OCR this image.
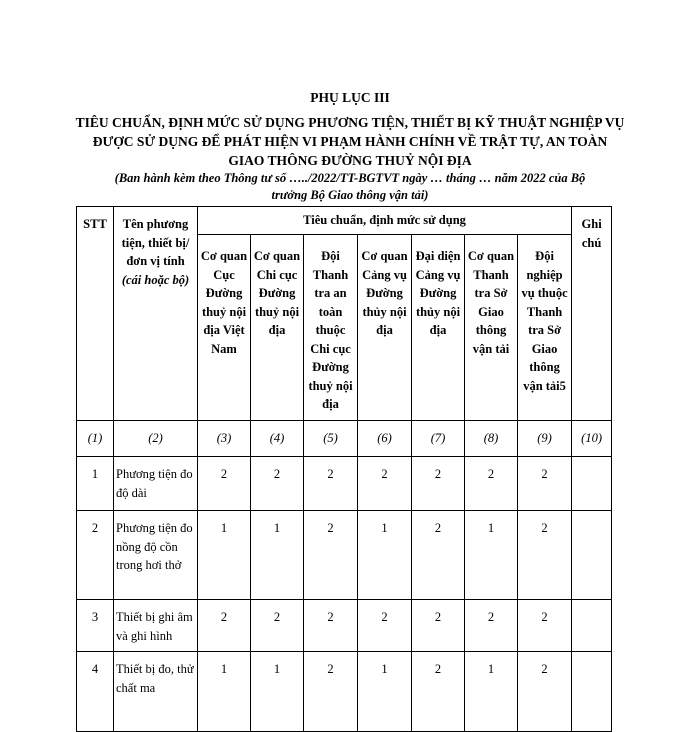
PHỤ LỤC III
TIÊU CHUẨN, ĐỊNH MỨC SỬ DỤNG PHƯƠNG TIỆN, THIẾT BỊ KỸ THUẬT NGHIỆP VỤ
ĐƯỢC SỬ DỤNG ĐỂ PHÁT HIỆN VI PHẠM HÀNH CHÍNH VỀ TRẬT TỰ, AN TOÀN
GIAO THÔNG ĐƯỜNG THUỶ NỘI ĐỊA
(Ban hành kèm theo Thông tư số …../2022/TT-BGTVT ngày … tháng … năm 2022 của Bộ
trưởng Bộ Giao thông vận tải)
STT	Tên phương tiện, thiết bị/ đơn vị tính (cái hoặc bộ)	Tiêu chuẩn, định mức sử dụng							Ghi chú
		Cơ quan Cục Đường thuỷ nội địa Việt Nam	Cơ quan Chi cục Đường thuỷ nội địa	Đội Thanh tra an toàn thuộc Chi cục Đường thuỷ nội địa	Cơ quan Cảng vụ Đường thủy nội địa	Đại diện Cảng vụ Đường thủy nội địa	Cơ quan Thanh tra Sở Giao thông vận tải	Đội nghiệp vụ thuộc Thanh tra Sở Giao thông vận tải5	
(1)	(2)	(3)	(4)	(5)	(6)	(7)	(8)	(9)	(10)
1	Phương tiện đo độ dài	2	2	2	2	2	2	2	
2	Phương tiện đo nồng độ cồn trong hơi thở	1	1	2	1	2	1	2	
3	Thiết bị ghi âm và ghi hình	2	2	2	2	2	2	2	
4	Thiết bị đo, thử chất ma	1	1	2	1	2	1	2	
